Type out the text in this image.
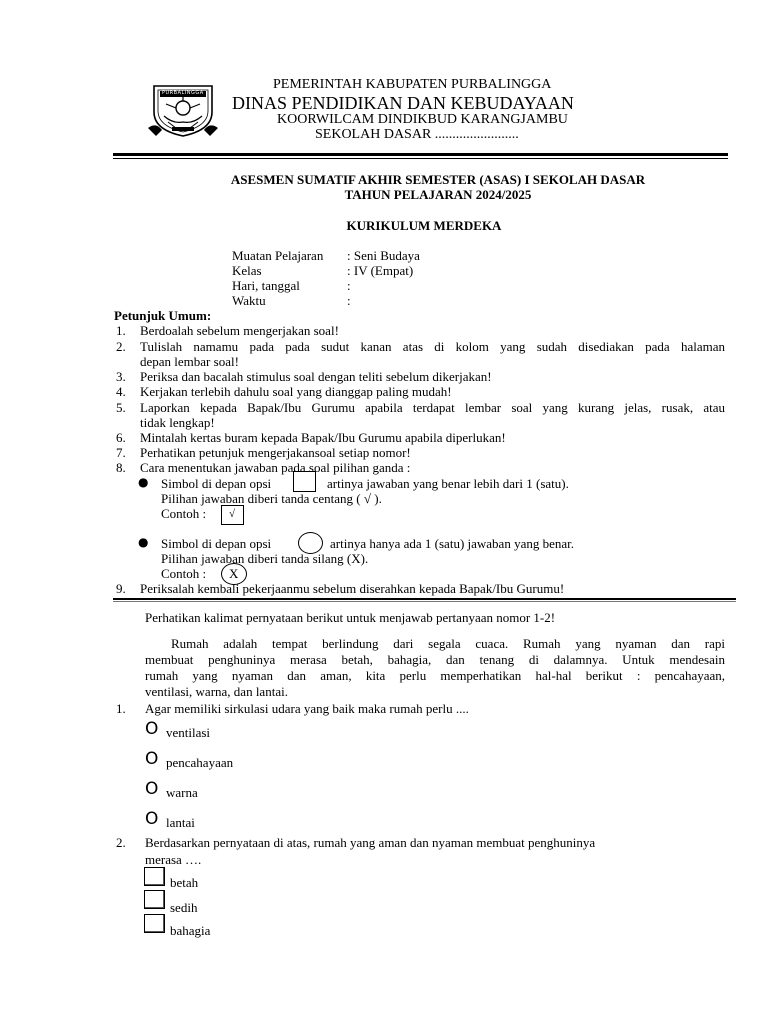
PURBALINGGA
PEMERINTAH KABUPATEN PURBALINGGA
DINAS PENDIDIKAN DAN KEBUDAYAAN
KOORWILCAM DINDIKBUD KARANGJAMBU
SEKOLAH DASAR ........................
ASESMEN SUMATIF AKHIR SEMESTER (ASAS) I SEKOLAH DASAR
TAHUN PELAJARAN 2024/2025
KURIKULUM MERDEKA
Muatan Pelajaran : Seni Budaya
Kelas	: IV (Empat)
Hari, tanggal	:
Waktu	:
Petunjuk Umum:
1. Berdoalah sebelum mengerjakan soal!
2. Tulislah namamu pada pada sudut kanan atas di kolom yang sudah disediakan pada halaman
depan lembar soal!
3. Periksa dan bacalah stimulus soal dengan teliti sebelum dikerjakan!
4. Kerjakan terlebih dahulu soal yang dianggap paling mudah!
5. Laporkan kepada Bapak/Ibu Gurumu apabila terdapat lembar soal yang kurang jelas, rusak, atau
tidak lengkap!
6. Mintalah kertas buram kepada Bapak/Ibu Gurumu apabila diperlukan!
7. Perhatikan petunjuk mengerjakansoal setiap nomor!
8. Cara menentukan jawaban pada soal pilihan ganda :
● Simbol di depan opsi	artinya jawaban yang benar lebih dari 1 (satu).
Pilihan jawaban diberi tanda centang ( √ ).
Contoh : √
● Simbol di depan opsi	artinya hanya ada 1 (satu) jawaban yang benar.
Pilihan jawaban diberi tanda silang (X).
Contoh : X
9. Periksalah kembali pekerjaanmu sebelum diserahkan kepada Bapak/Ibu Gurumu!
Perhatikan kalimat pernyataan berikut untuk menjawab pertanyaan nomor 1-2!
Rumah adalah tempat berlindung dari segala cuaca. Rumah yang nyaman dan rapi
membuat penghuninya merasa betah, bahagia, dan tenang di dalamnya. Untuk mendesain
rumah yang nyaman dan aman, kita perlu memperhatikan hal-hal berikut : pencahayaan,
ventilasi, warna, dan lantai.
1. Agar memiliki sirkulasi udara yang baik maka rumah perlu ....
O ventilasi
O pencahayaan
O warna
O lantai
2. Berdasarkan pernyataan di atas, rumah yang aman dan nyaman membuat penghuninya
merasa ….
betah
sedih
bahagia
